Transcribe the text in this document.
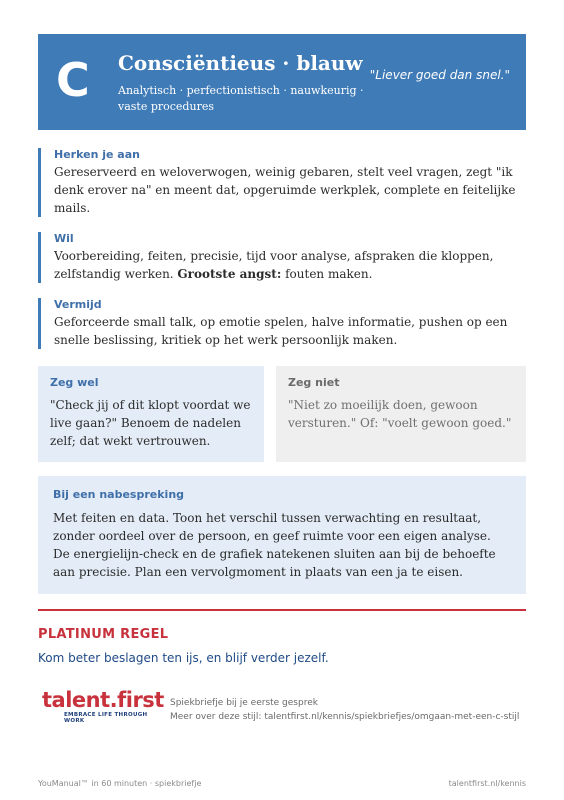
C Consciëntieus · blauw
Analytisch · perfectionistisch · nauwkeurig · vaste procedures
"Liever goed dan snel."
Herken je aan
Gereserveerd en weloverwogen, weinig gebaren, stelt veel vragen, zegt "ik denk erover na" en meent dat, opgeruimde werkplek, complete en feitelijke mails.
Wil
Voorbereiding, feiten, precisie, tijd voor analyse, afspraken die kloppen, zelfstandig werken. Grootste angst: fouten maken.
Vermijd
Geforceerde small talk, op emotie spelen, halve informatie, pushen op een snelle beslissing, kritiek op het werk persoonlijk maken.
Zeg wel
"Check jij of dit klopt voordat we live gaan?" Benoem de nadelen zelf; dat wekt vertrouwen.
Zeg niet
"Niet zo moeilijk doen, gewoon versturen." Of: "voelt gewoon goed."
Bij een nabespreking
Met feiten en data. Toon het verschil tussen verwachting en resultaat, zonder oordeel over de persoon, en geef ruimte voor een eigen analyse. De energielijn-check en de grafiek natekenen sluiten aan bij de behoefte aan precisie. Plan een vervolgmoment in plaats van een ja te eisen.
PLATINUM REGEL
Kom beter beslagen ten ijs, en blijf verder jezelf.
talent.first
EMBRACE LIFE THROUGH WORK
Spiekbriefje bij je eerste gesprek
Meer over deze stijl: talentfirst.nl/kennis/spiekbriefjes/omgaan-met-een-c-stijl
YouManual™ in 60 minuten · spiekbriefje	talentfirst.nl/kennis
